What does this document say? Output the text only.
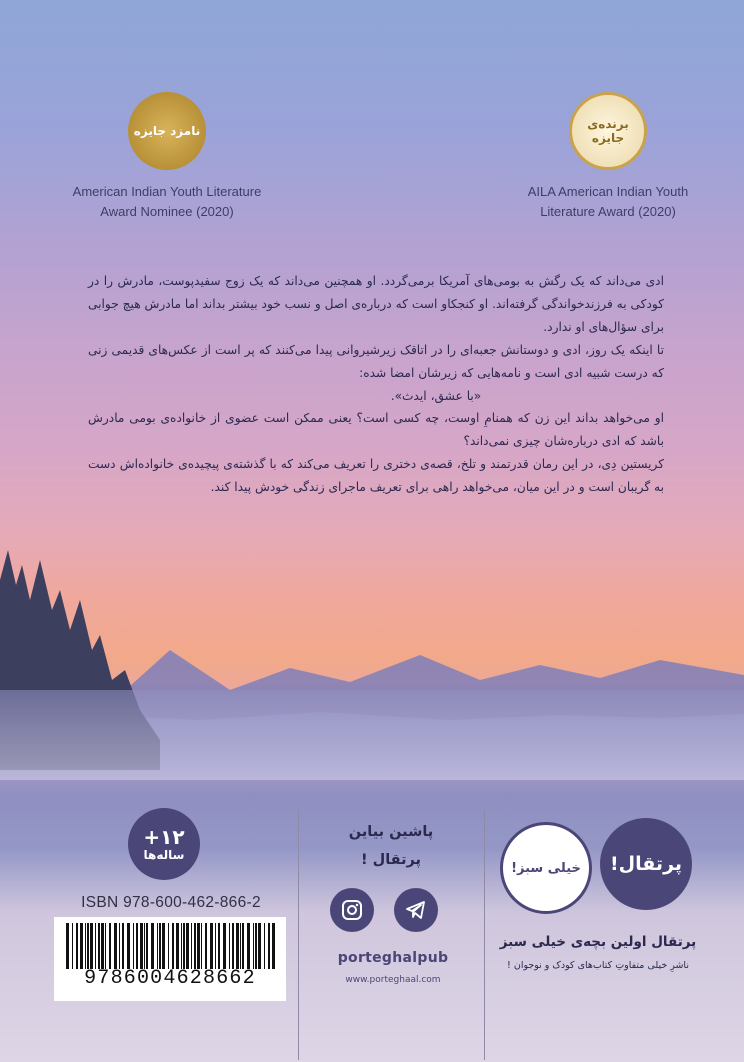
نامزد جایزه
American Indian Youth Literature
Award Nominee (2020)
برنده‌ی جایزه
AILA American Indian Youth
Literature Award (2020)

ادی می‌داند که یک رگش به بومی‌های آمریکا برمی‌گردد. او همچنین می‌داند که یک زوج سفیدپوست، مادرش را در کودکی به فرزندخواندگی گرفته‌اند. او کنجکاو است که درباره‌ی اصل و نسب خود بیشتر بداند اما مادرش هیچ جوابی برای سؤال‌های او ندارد.

تا اینکه یک روز، ادی و دوستانش جعبه‌ای را در اتاقک زیرشیروانی پیدا می‌کنند که پر است از عکس‌های قدیمی زنی که درست شبیه ادی است و نامه‌هایی که زیرشان امضا شده:

«با عشق، ایدث».

او می‌خواهد بداند این زن که همنامِ اوست، چه کسی است؟ یعنی ممکن است عضوی از خانواده‌ی بومی مادرش باشد که ادی درباره‌شان چیزی نمی‌داند؟

کریستین دِی، در این رمان قدرتمند و تلخ، قصه‌ی دختری را تعریف می‌کند که با گذشته‌ی پیچیده‌ی خانواده‌اش دست به گریبان است و در این میان، می‌خواهد راهی برای تعریف ماجرای زندگی خودش پیدا کند.

+۱۲
ساله‌ها
ISBN 978-600-462-866-2
9786004628662
پاشین بیاین
پرتقال !
porteghalpub
www.porteghaal.com
پرتقال!
خیلی سبز!
پرتقال اولین بچه‌ی خیلی سبز
ناشرِ خیلی متفاوتِ کتاب‌های کودک و نوجوان !
